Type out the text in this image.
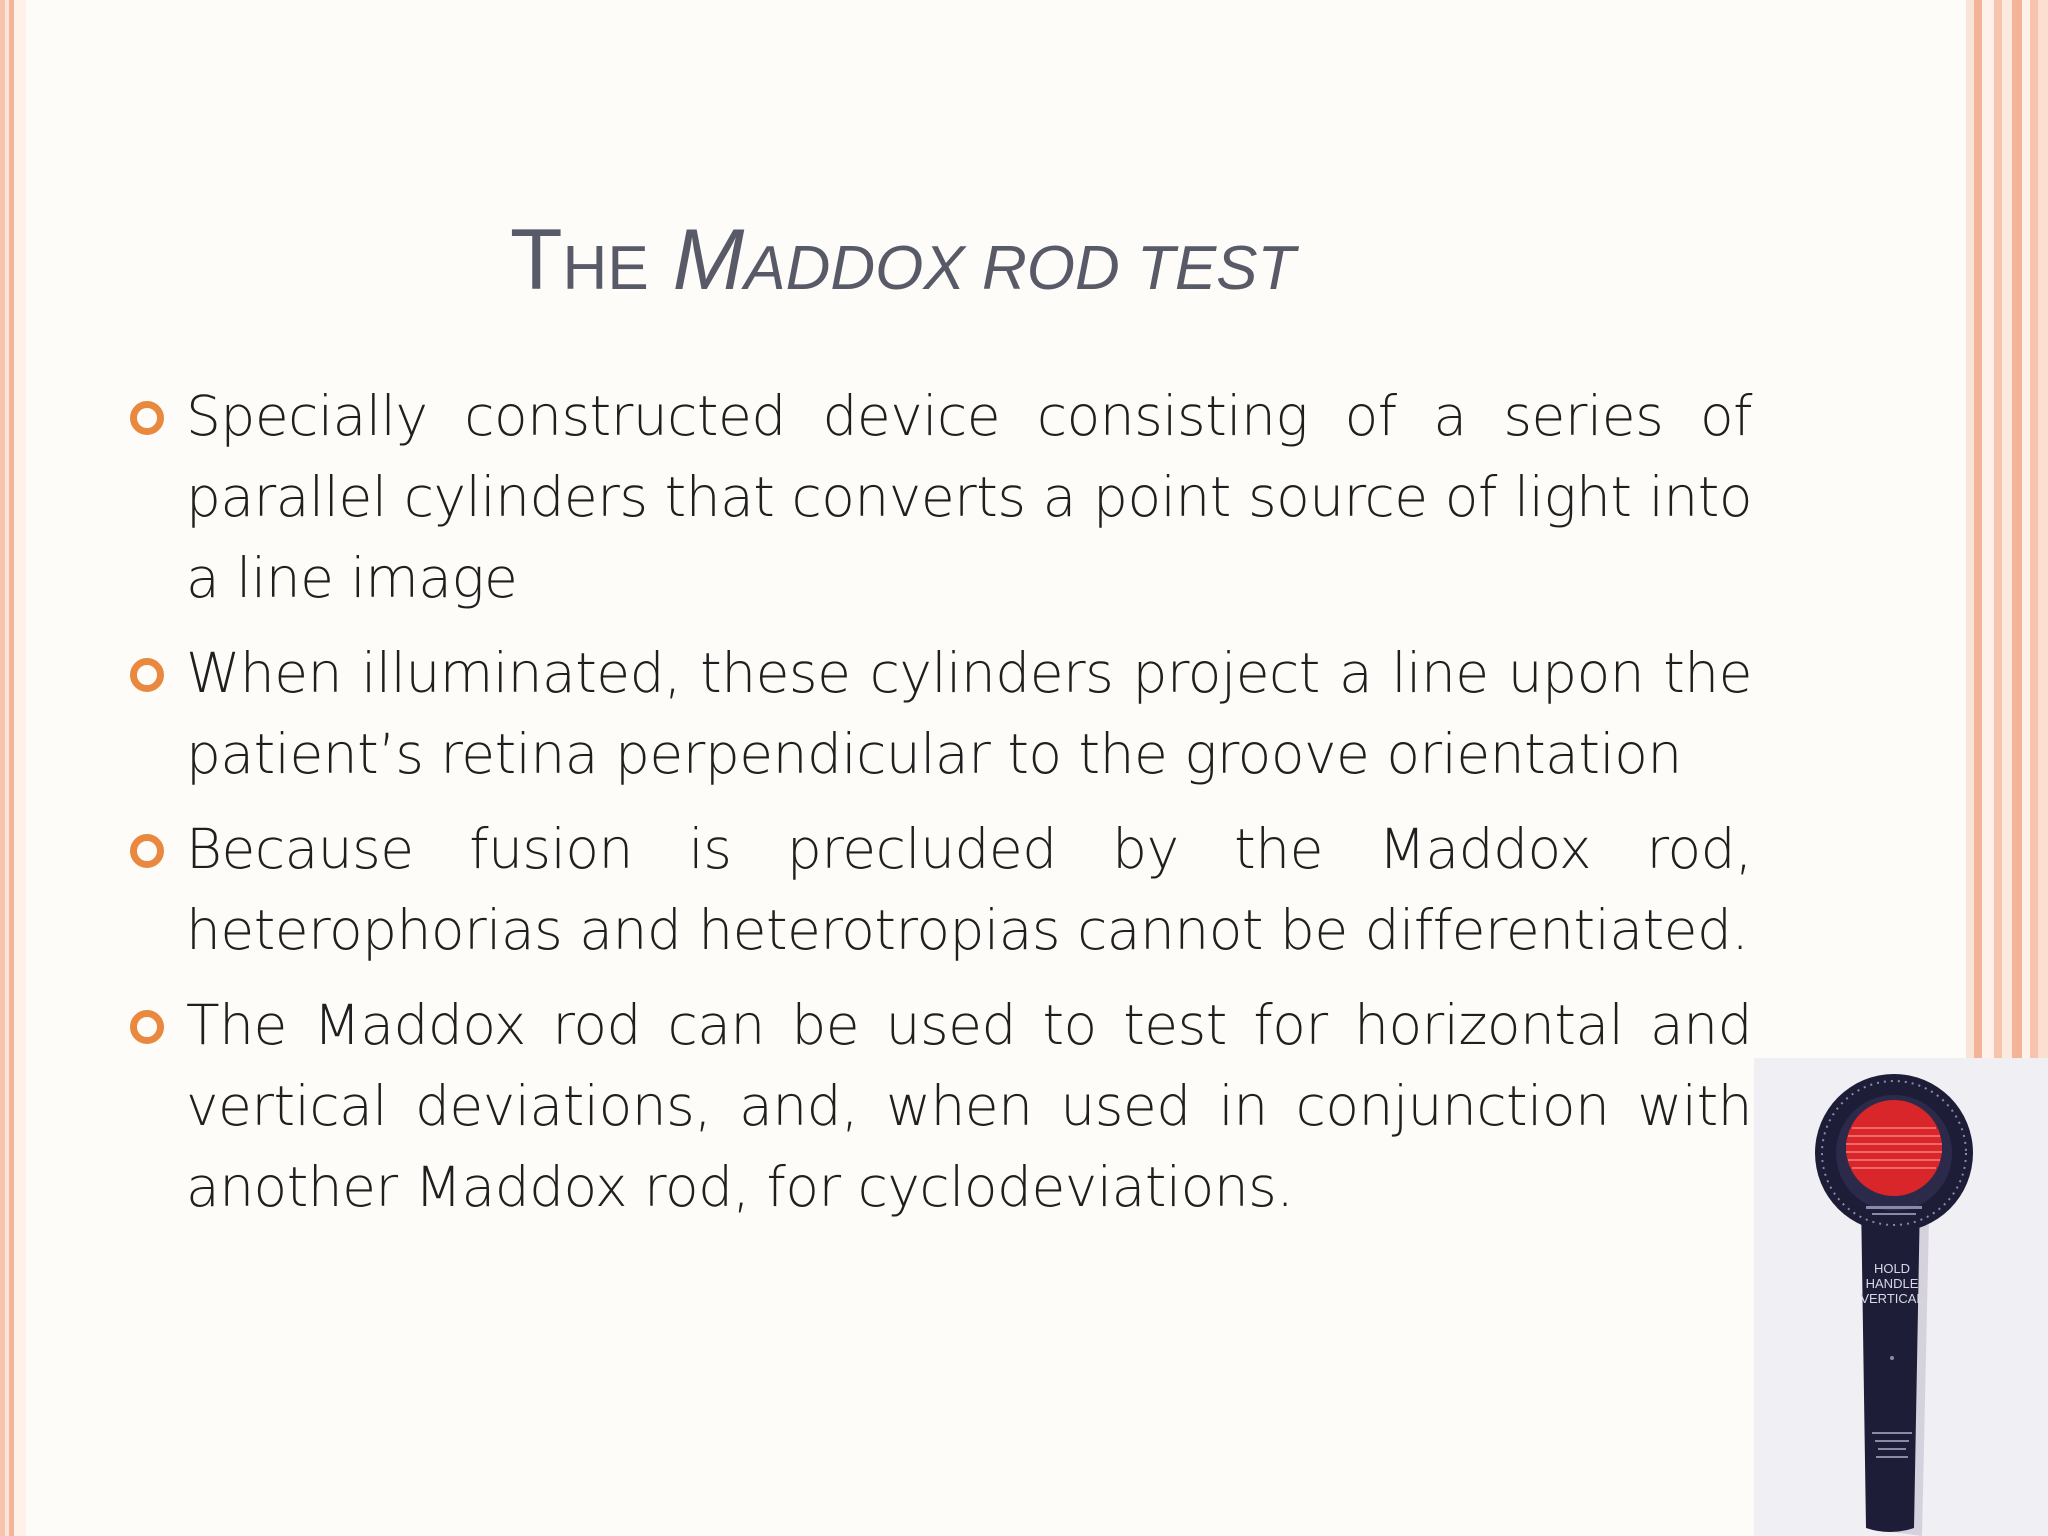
THE MADDOX ROD TEST
Specially constructed device consisting of a series of parallel cylinders that converts a point source of light into a line image
When illuminated, these cylinders project a line upon the patient’s retina perpendicular to the groove orientation
Because fusion is precluded by the Maddox rod, heterophorias and heterotropias cannot be differentiated.
The Maddox rod can be used to test for horizontal and vertical deviations, and, when used in conjunction with another Maddox rod, for cyclodeviations.
HOLD
HANDLE
VERTICAL
